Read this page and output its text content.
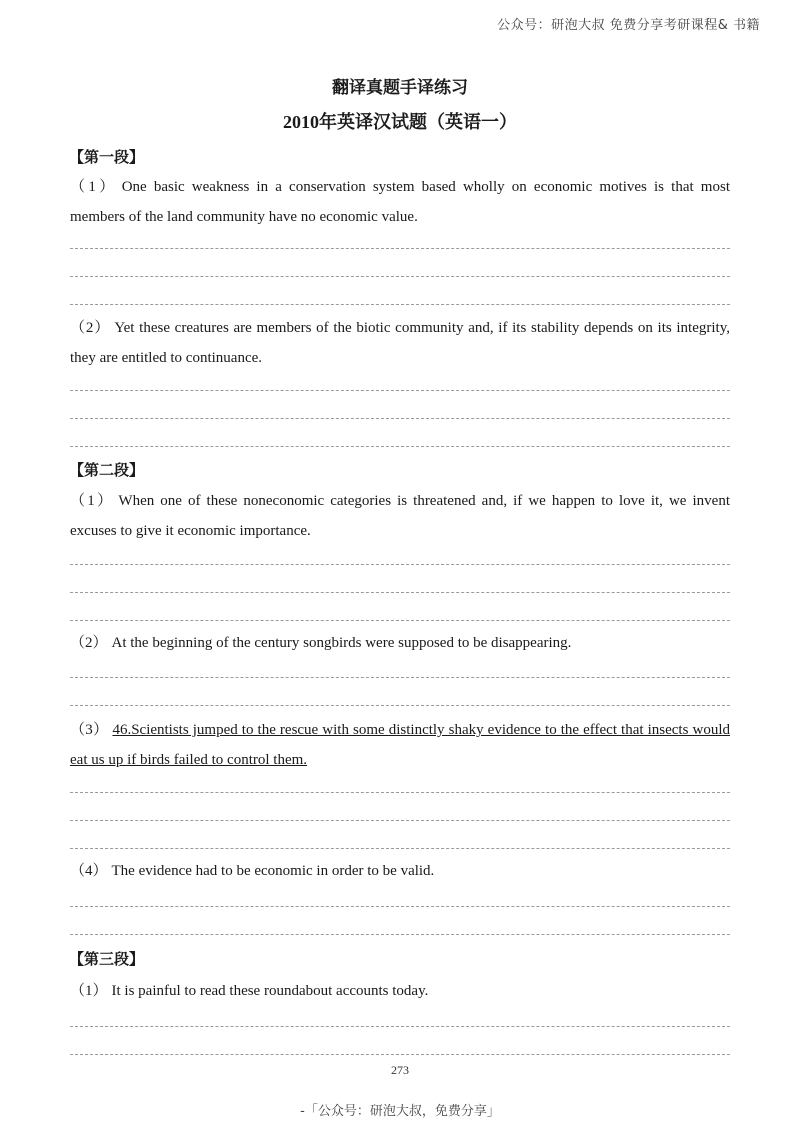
公众号：研泡大叔 免费分享考研课程& 书籍
翻译真题手译练习
2010年英译汉试题（英语一）
【第一段】
（1） One basic weakness in a conservation system based wholly on economic motives is that most members of the land community have no economic value.
（2） Yet these creatures are members of the biotic community and, if its stability depends on its integrity, they are entitled to continuance.
【第二段】
（1） When one of these noneconomic categories is threatened and, if we happen to love it, we invent excuses to give it economic importance.
（2） At the beginning of the century songbirds were supposed to be disappearing.
（3） 46.Scientists jumped to the rescue with some distinctly shaky evidence to the effect that insects would eat us up if birds failed to control them.
（4） The evidence had to be economic in order to be valid.
【第三段】
（1） It is painful to read these roundabout accounts today.
273
-「公众号：研泡大叔，免费分享」
